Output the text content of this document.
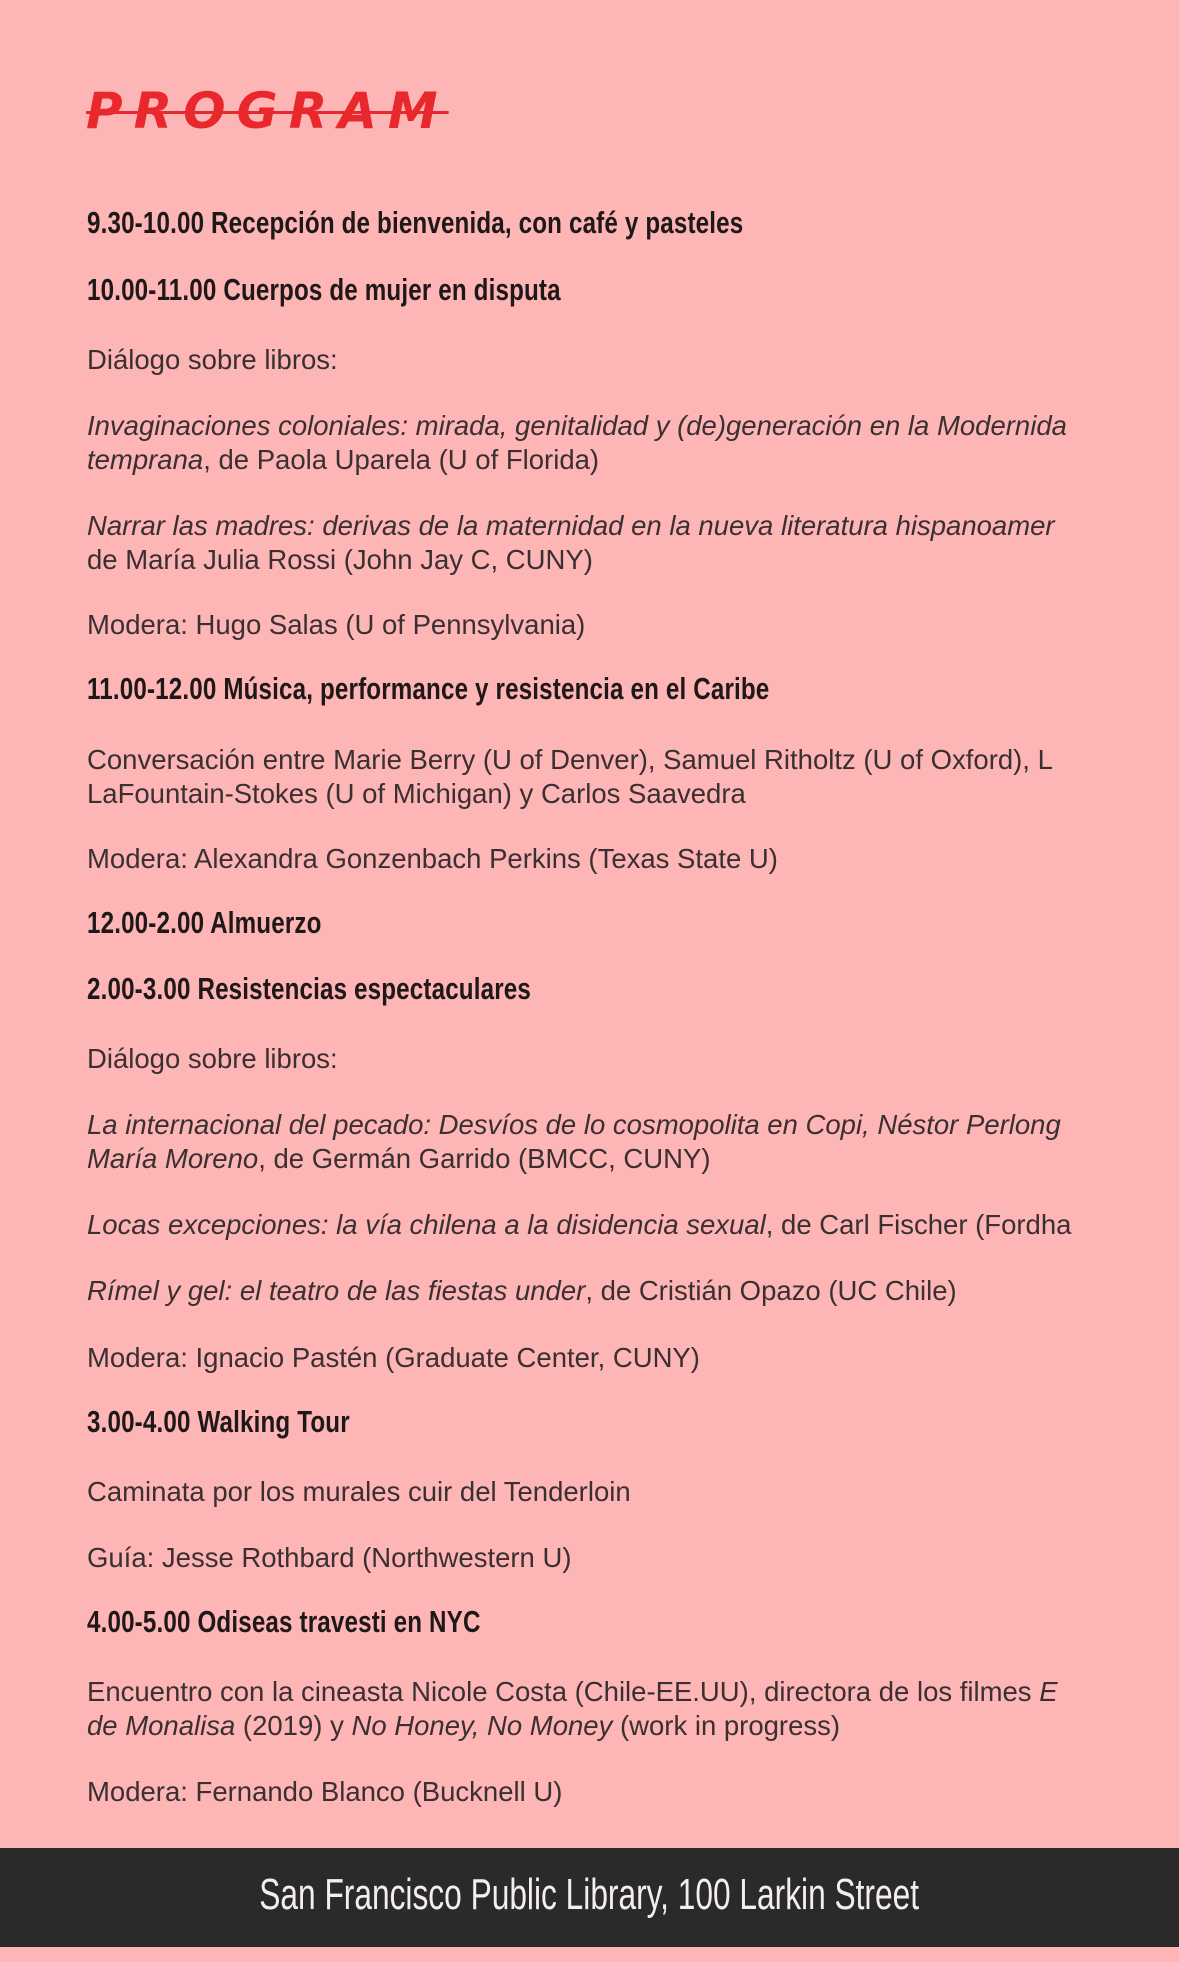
PROGRAM
9.30-10.00 Recepción de bienvenida, con café y pasteles
10.00-11.00 Cuerpos de mujer en disputa
Diálogo sobre libros:
Invaginaciones coloniales: mirada, genitalidad y (de)generación en la Modernida
temprana, de Paola Uparela (U of Florida)
Narrar las madres: derivas de la maternidad en la nueva literatura hispanoamer
de María Julia Rossi (John Jay C, CUNY)
Modera: Hugo Salas (U of Pennsylvania)
11.00-12.00 Música, performance y resistencia en el Caribe
Conversación entre Marie Berry (U of Denver), Samuel Ritholtz (U of Oxford), L
LaFountain-Stokes (U of Michigan) y Carlos Saavedra
Modera: Alexandra Gonzenbach Perkins (Texas State U)
12.00-2.00 Almuerzo
2.00-3.00 Resistencias espectaculares
Diálogo sobre libros:
La internacional del pecado: Desvíos de lo cosmopolita en Copi, Néstor Perlong
María Moreno, de Germán Garrido (BMCC, CUNY)
Locas excepciones: la vía chilena a la disidencia sexual, de Carl Fischer (Fordha
Rímel y gel: el teatro de las fiestas under, de Cristián Opazo (UC Chile)
Modera: Ignacio Pastén (Graduate Center, CUNY)
3.00-4.00 Walking Tour
Caminata por los murales cuir del Tenderloin
Guía: Jesse Rothbard (Northwestern U)
4.00-5.00 Odiseas travesti en NYC
Encuentro con la cineasta Nicole Costa (Chile-EE.UU), directora de los filmes E
de Monalisa (2019) y No Honey, No Money (work in progress)
Modera: Fernando Blanco (Bucknell U)
San Francisco Public Library, 100 Larkin Street
